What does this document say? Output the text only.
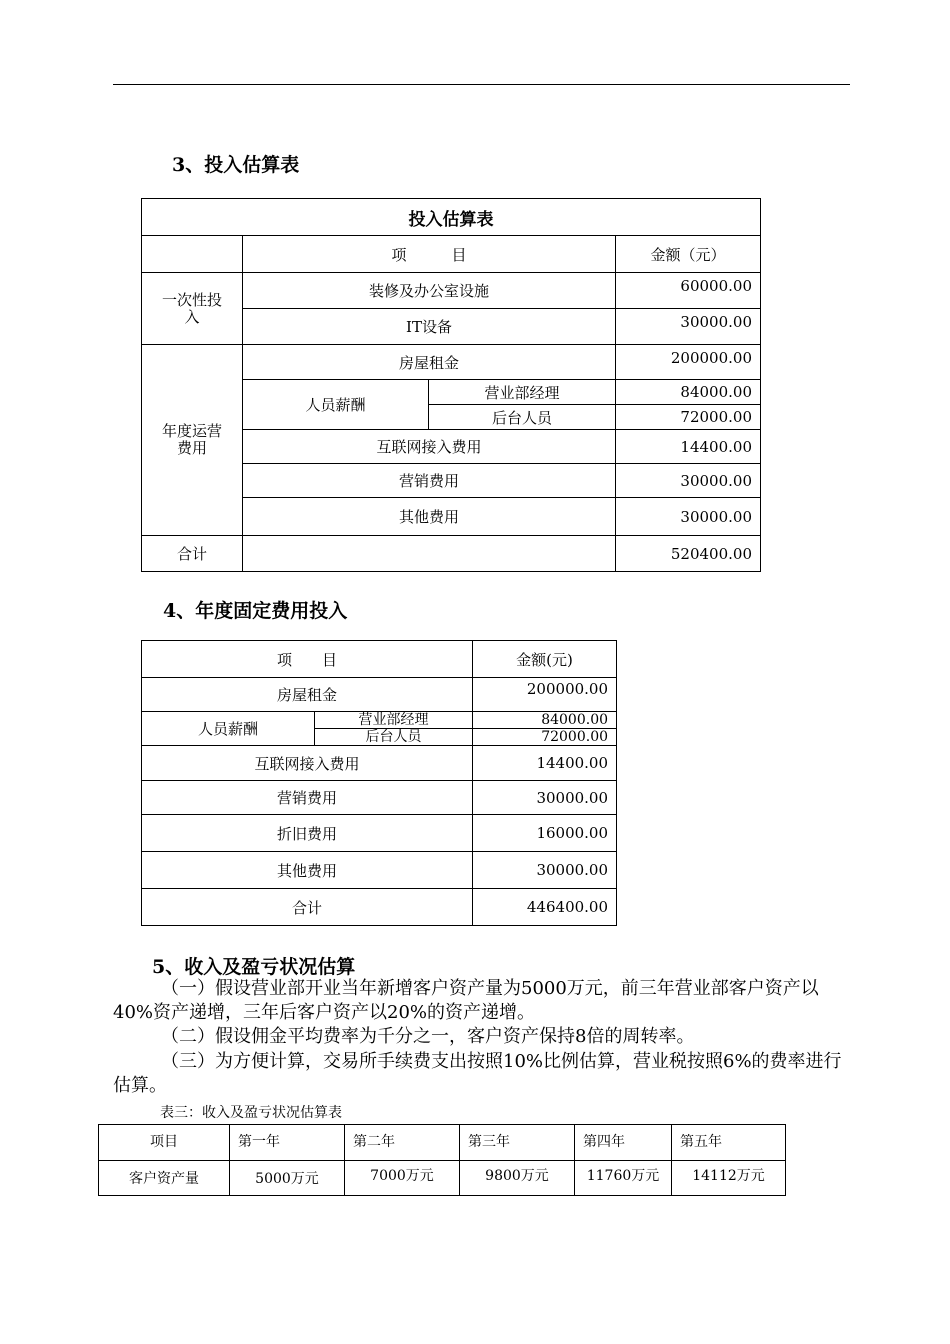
3、投入估算表
投入估算表			
	项　　　目		金额（元）

一次性投入	装修及办公室设施		60000.00
	IT设备		30000.00

年度运营费用	房屋租金		200000.00
	人员薪酬	营业部经理	84000.00
		后台人员	72000.00
	互联网接入费用		14400.00
	营销费用		30000.00
	其他费用		30000.00
合计			520400.00
4、年度固定费用投入
项　　目		金额(元)
房屋租金		200000.00
人员薪酬	营业部经理	84000.00
	后台人员	72000.00
互联网接入费用		14400.00
营销费用		30000.00
折旧费用		16000.00
其他费用		30000.00
合计		446400.00
5、收入及盈亏状况估算
（一）假设营业部开业当年新增客户资产量为5000万元，前三年营业部客户资产以40%资产递增，三年后客户资产以20%的资产递增。
（二）假设佣金平均费率为千分之一，客户资产保持8倍的周转率。
（三）为方便计算，交易所手续费支出按照10%比例估算，营业税按照6%的费率进行估算。
表三：收入及盈亏状况估算表
项目	第一年	第二年	第三年	第四年	第五年
客户资产量	5000万元	7000万元	9800万元	11760万元	14112万元
